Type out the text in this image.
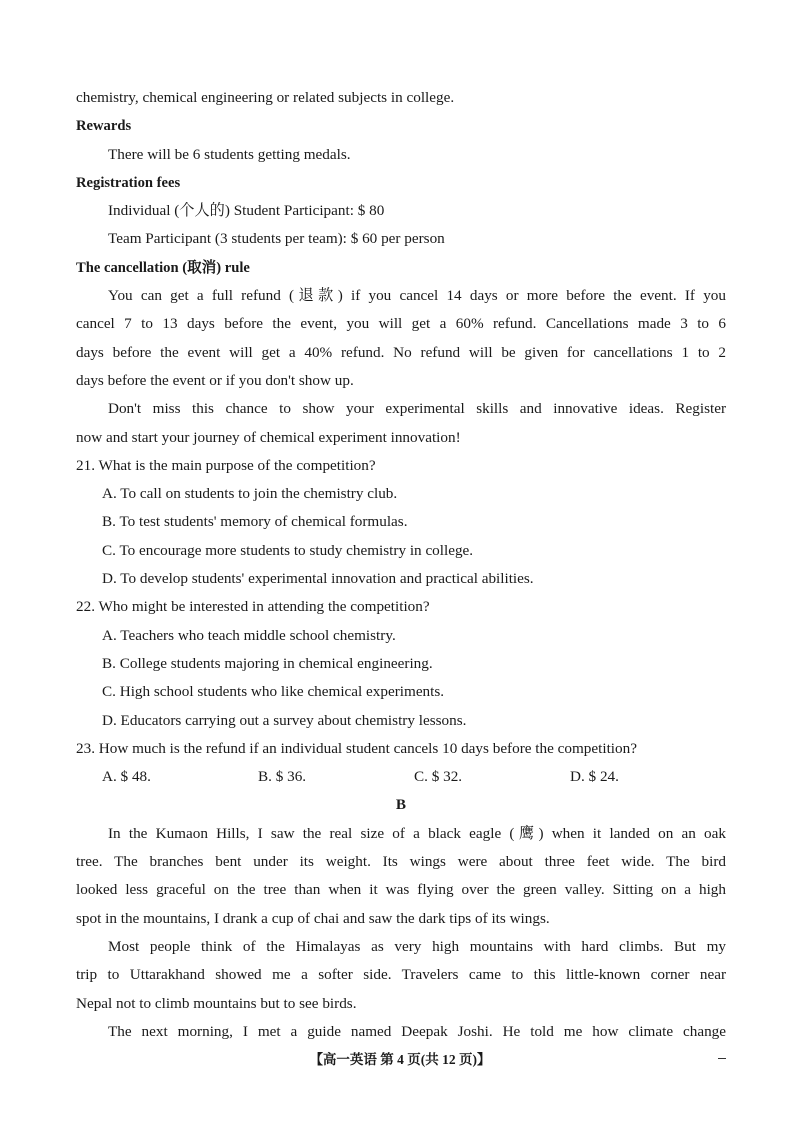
chemistry, chemical engineering or related subjects in college.
Rewards
There will be 6 students getting medals.
Registration fees
Individual (个人的) Student Participant: $ 80
Team Participant (3 students per team): $ 60 per person
The cancellation (取消) rule
You can get a full refund (退款) if you cancel 14 days or more before the event. If you
cancel 7 to 13 days before the event, you will get a 60% refund. Cancellations made 3 to 6
days before the event will get a 40% refund. No refund will be given for cancellations 1 to 2
days before the event or if you don't show up.
Don't miss this chance to show your experimental skills and innovative ideas. Register
now and start your journey of chemical experiment innovation!
21. What is the main purpose of the competition?
A. To call on students to join the chemistry club.
B. To test students' memory of chemical formulas.
C. To encourage more students to study chemistry in college.
D. To develop students' experimental innovation and practical abilities.
22. Who might be interested in attending the competition?
A. Teachers who teach middle school chemistry.
B. College students majoring in chemical engineering.
C. High school students who like chemical experiments.
D. Educators carrying out a survey about chemistry lessons.
23. How much is the refund if an individual student cancels 10 days before the competition?
A. $ 48.	B. $ 36.	C. $ 32.	D. $ 24.
B
In the Kumaon Hills, I saw the real size of a black eagle (鹰) when it landed on an oak
tree. The branches bent under its weight. Its wings were about three feet wide. The bird
looked less graceful on the tree than when it was flying over the green valley. Sitting on a high
spot in the mountains, I drank a cup of chai and saw the dark tips of its wings.
Most people think of the Himalayas as very high mountains with hard climbs. But my
trip to Uttarakhand showed me a softer side. Travelers came to this little-known corner near
Nepal not to climb mountains but to see birds.
The next morning, I met a guide named Deepak Joshi. He told me how climate change
【高一英语 第 4 页(共 12 页)】
